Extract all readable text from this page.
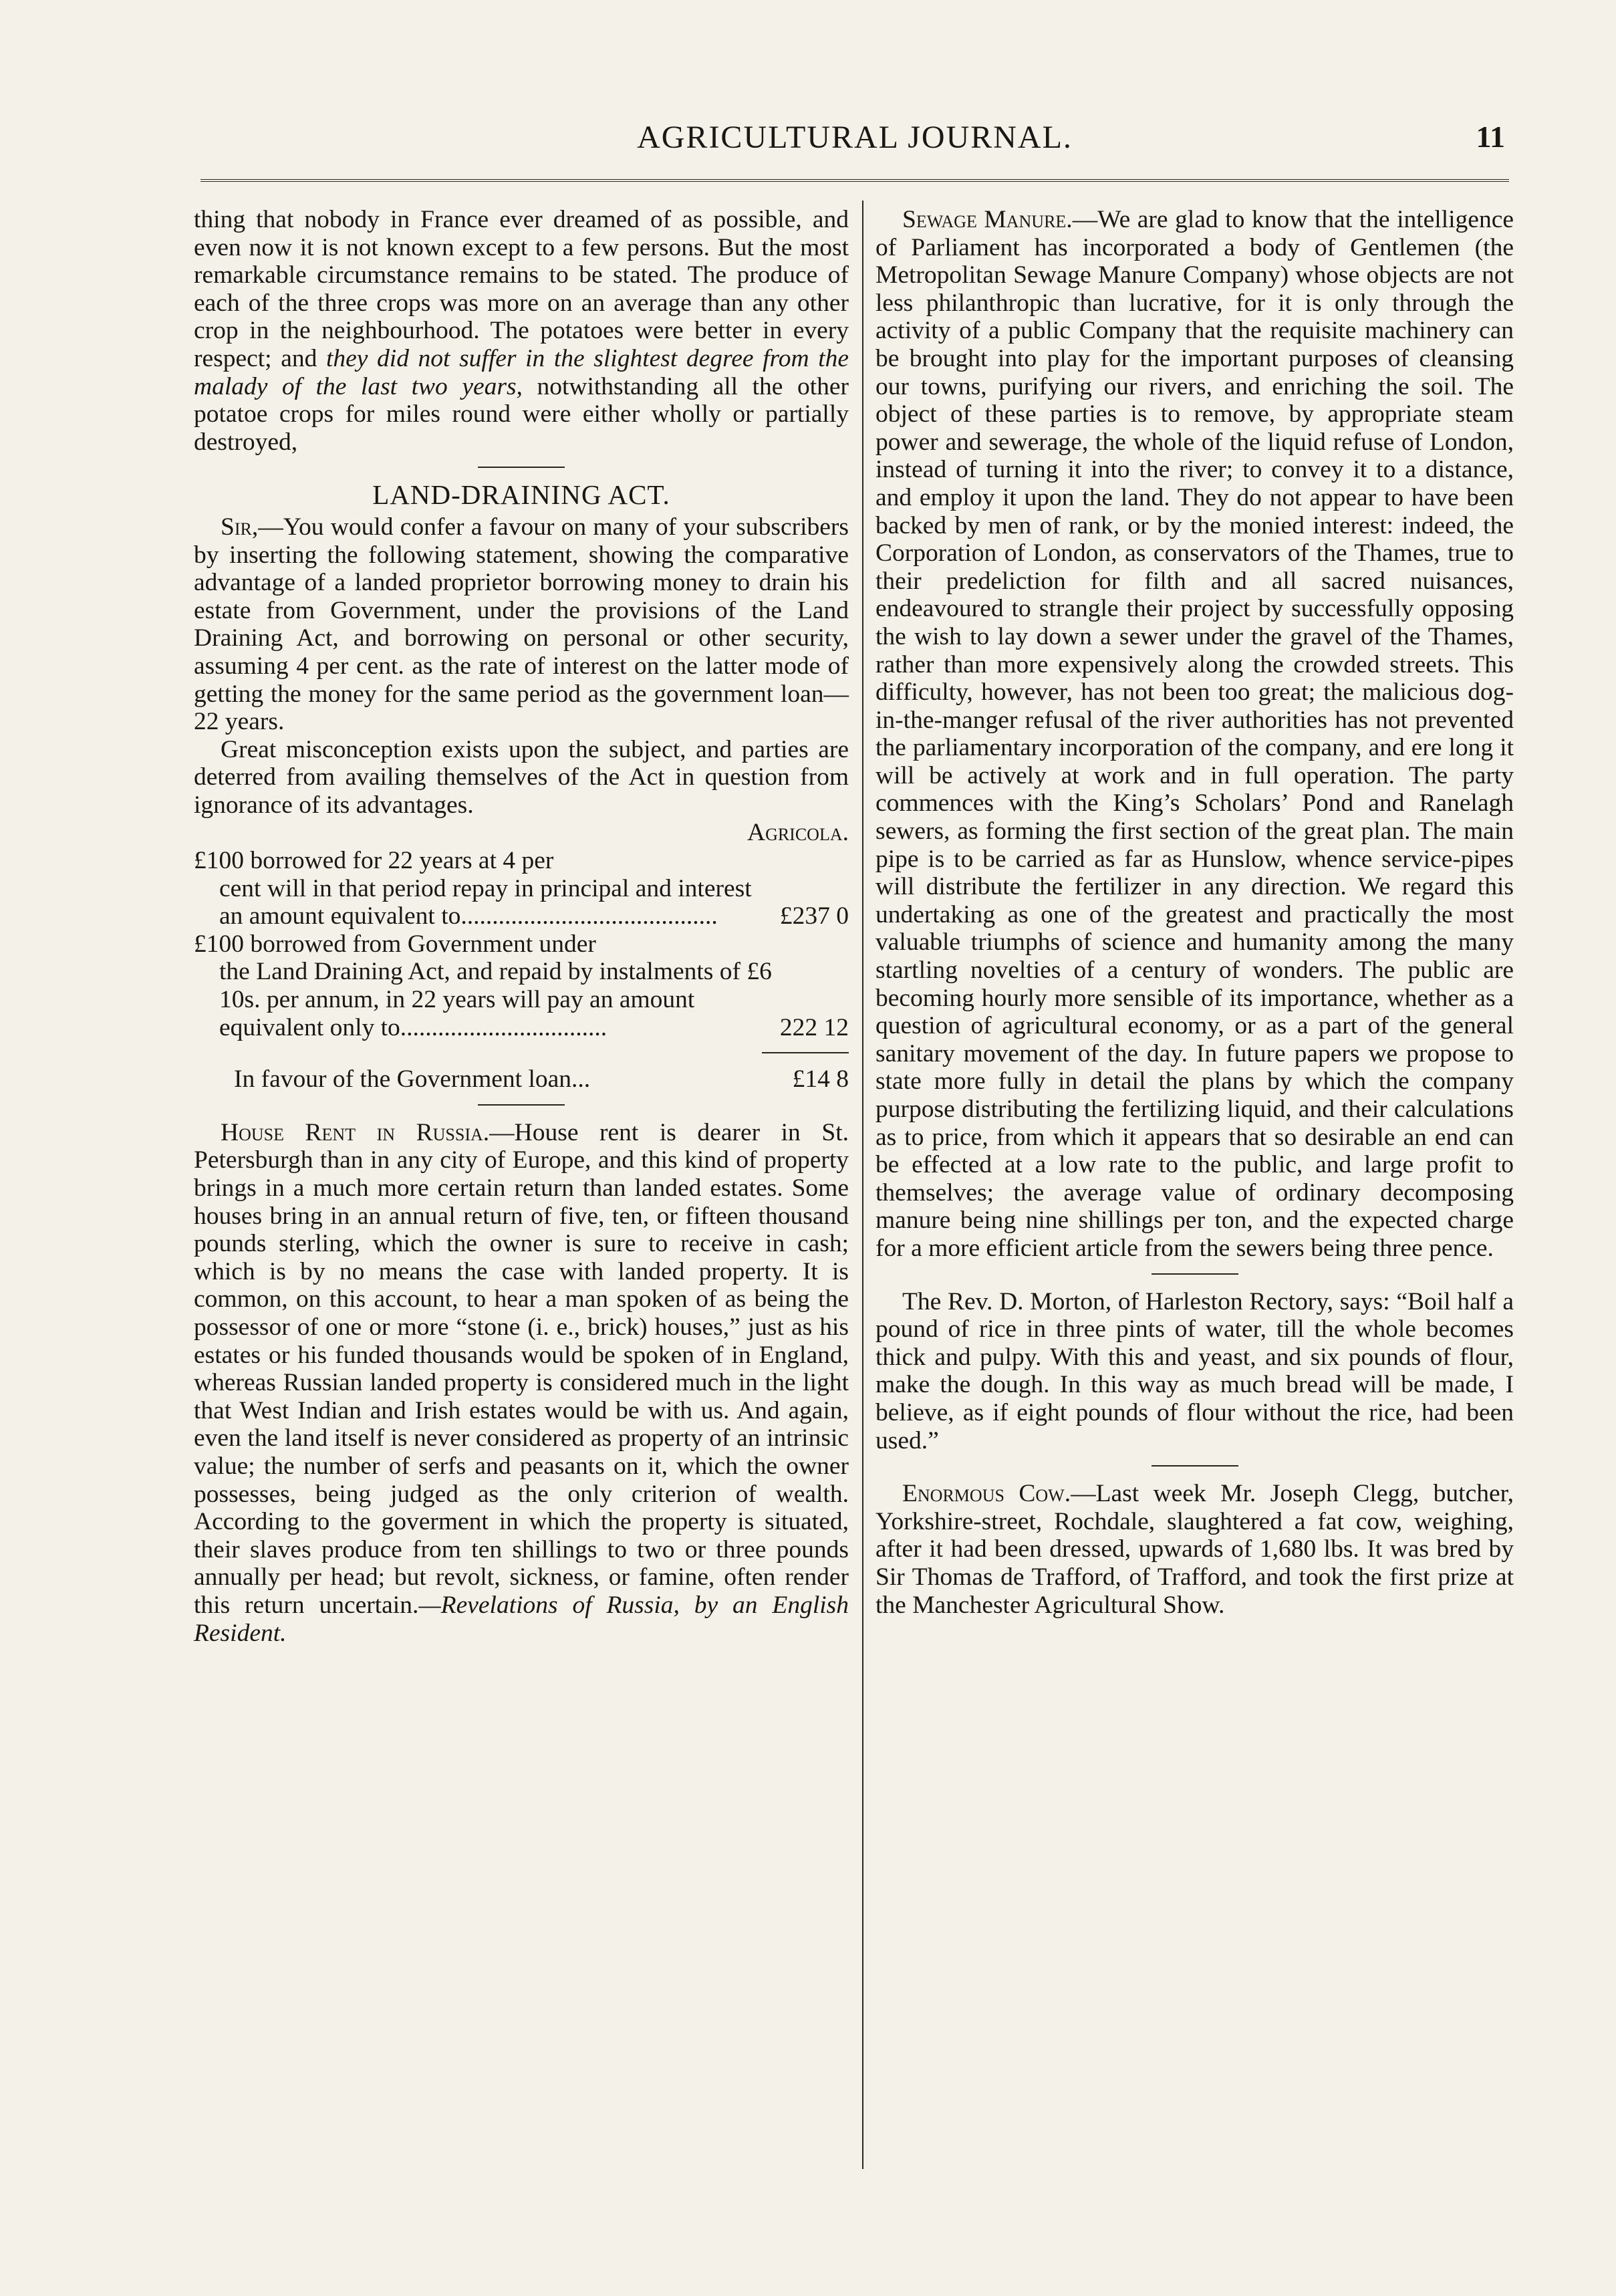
AGRICULTURAL JOURNAL.	11

thing that nobody in France ever dreamed of as possible, and even now it is not known except to a few persons. But the most remarkable circumstance remains to be stated. The produce of each of the three crops was more on an average than any other crop in the neighbourhood. The potatoes were better in every respect; and they did not suffer in the slightest degree from the malady of the last two years, notwithstanding all the other potatoe crops for miles round were either wholly or partially destroyed,

LAND-DRAINING ACT.

Sir,—You would confer a favour on many of your subscribers by inserting the following statement, showing the comparative advantage of a landed proprietor borrowing money to drain his estate from Government, under the provisions of the Land Draining Act, and borrowing on personal or other security, assuming 4 per cent. as the rate of interest on the latter mode of getting the money for the same period as the government loan—22 years.

Great misconception exists upon the subject, and parties are deterred from availing themselves of the Act in question from ignorance of its advantages.
Agricola.

£100 borrowed for 22 years at 4 per
cent will in that period repay in principal and interest an amount equivalent to.........................................	£237 0
£100 borrowed from Government under
the Land Draining Act, and repaid by instalments of £6 10s. per annum, in 22 years will pay an amount equivalent only to.................................	222 12
In favour of the Government loan...	£14 8

House Rent in Russia.—House rent is dearer in St. Petersburgh than in any city of Europe, and this kind of property brings in a much more certain return than landed estates. Some houses bring in an annual return of five, ten, or fifteen thousand pounds sterling, which the owner is sure to receive in cash; which is by no means the case with landed property. It is common, on this account, to hear a man spoken of as being the possessor of one or more “stone (i. e., brick) houses,” just as his estates or his funded thousands would be spoken of in England, whereas Russian landed property is considered much in the light that West Indian and Irish estates would be with us. And again, even the land itself is never considered as property of an intrinsic value; the number of serfs and peasants on it, which the owner possesses, being judged as the only criterion of wealth. According to the goverment in which the property is situated, their slaves produce from ten shillings to two or three pounds annually per head; but revolt, sickness, or famine, often render this return uncertain.—Revelations of Russia, by an English Resident.

Sewage Manure.—We are glad to know that the intelligence of Parliament has incorporated a body of Gentlemen (the Metropolitan Sewage Manure Company) whose objects are not less philanthropic than lucrative, for it is only through the activity of a public Company that the requisite machinery can be brought into play for the important purposes of cleansing our towns, purifying our rivers, and enriching the soil. The object of these parties is to remove, by appropriate steam power and sewerage, the whole of the liquid refuse of London, instead of turning it into the river; to convey it to a distance, and employ it upon the land. They do not appear to have been backed by men of rank, or by the monied interest: indeed, the Corporation of London, as conservators of the Thames, true to their predeliction for filth and all sacred nuisances, endeavoured to strangle their project by successfully opposing the wish to lay down a sewer under the gravel of the Thames, rather than more expensively along the crowded streets. This difficulty, however, has not been too great; the malicious dog-in-the-manger refusal of the river authorities has not prevented the parliamentary incorporation of the company, and ere long it will be actively at work and in full operation. The party commences with the King’s Scholars’ Pond and Ranelagh sewers, as forming the first section of the great plan. The main pipe is to be carried as far as Hunslow, whence service-pipes will distribute the fertilizer in any direction. We regard this undertaking as one of the greatest and practically the most valuable triumphs of science and humanity among the many startling novelties of a century of wonders. The public are becoming hourly more sensible of its importance, whether as a question of agricultural economy, or as a part of the general sanitary movement of the day. In future papers we propose to state more fully in detail the plans by which the company purpose distributing the fertilizing liquid, and their calculations as to price, from which it appears that so desirable an end can be effected at a low rate to the public, and large profit to themselves; the average value of ordinary decomposing manure being nine shillings per ton, and the expected charge for a more efficient article from the sewers being three pence.

The Rev. D. Morton, of Harleston Rectory, says: “Boil half a pound of rice in three pints of water, till the whole becomes thick and pulpy. With this and yeast, and six pounds of flour, make the dough. In this way as much bread will be made, I believe, as if eight pounds of flour without the rice, had been used.”

Enormous Cow.—Last week Mr. Joseph Clegg, butcher, Yorkshire-street, Rochdale, slaughtered a fat cow, weighing, after it had been dressed, upwards of 1,680 lbs. It was bred by Sir Thomas de Trafford, of Trafford, and took the first prize at the Manchester Agricultural Show.
